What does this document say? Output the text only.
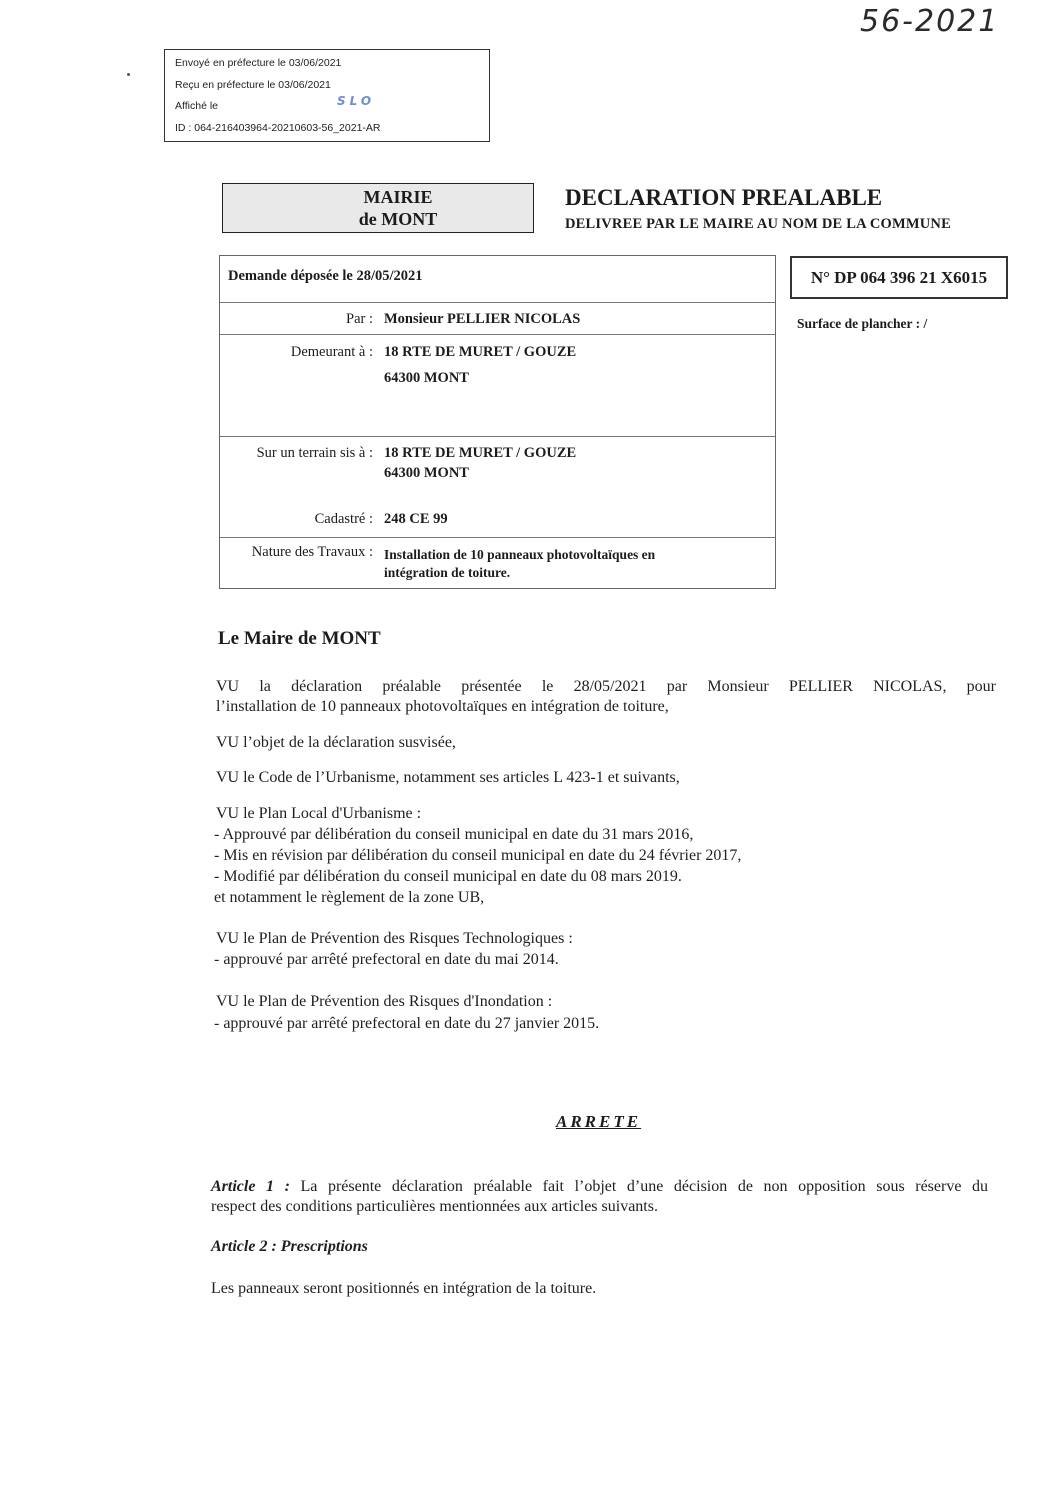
56-2021
Envoyé en préfecture le 03/06/2021
Reçu en préfecture le 03/06/2021
Affiché le	SLO
ID : 064-216403964-20210603-56_2021-AR
MAIRIE
de MONT
DECLARATION PREALABLE
DELIVREE PAR LE MAIRE AU NOM DE LA COMMUNE
Demande déposée le 28/05/2021
Par : Monsieur PELLIER NICOLAS
Demeurant à : 18 RTE DE MURET / GOUZE
64300 MONT
Sur un terrain sis à : 18 RTE DE MURET / GOUZE
64300 MONT
Cadastré : 248 CE 99
Nature des Travaux : Installation de 10 panneaux photovoltaïques en
intégration de toiture.
N° DP 064 396 21 X6015
Surface de plancher : /
Le Maire de MONT
VU la déclaration préalable présentée le 28/05/2021 par Monsieur PELLIER NICOLAS, pour
l’installation de 10 panneaux photovoltaïques en intégration de toiture,
VU l’objet de la déclaration susvisée,
VU le Code de l’Urbanisme, notamment ses articles L 423-1 et suivants,
VU le Plan Local d'Urbanisme :
- Approuvé par délibération du conseil municipal en date du 31 mars 2016,
- Mis en révision par délibération du conseil municipal en date du 24 février 2017,
- Modifié par délibération du conseil municipal en date du 08 mars 2019.
et notamment le règlement de la zone UB,
VU le Plan de Prévention des Risques Technologiques :
- approuvé par arrêté prefectoral en date du mai 2014.
VU le Plan de Prévention des Risques d'Inondation :
- approuvé par arrêté prefectoral en date du 27 janvier 2015.
ARRETE
Article 1 : La présente déclaration préalable fait l’objet d’une décision de non opposition sous réserve du
respect des conditions particulières mentionnées aux articles suivants.
Article 2 : Prescriptions
Les panneaux seront positionnés en intégration de la toiture.
